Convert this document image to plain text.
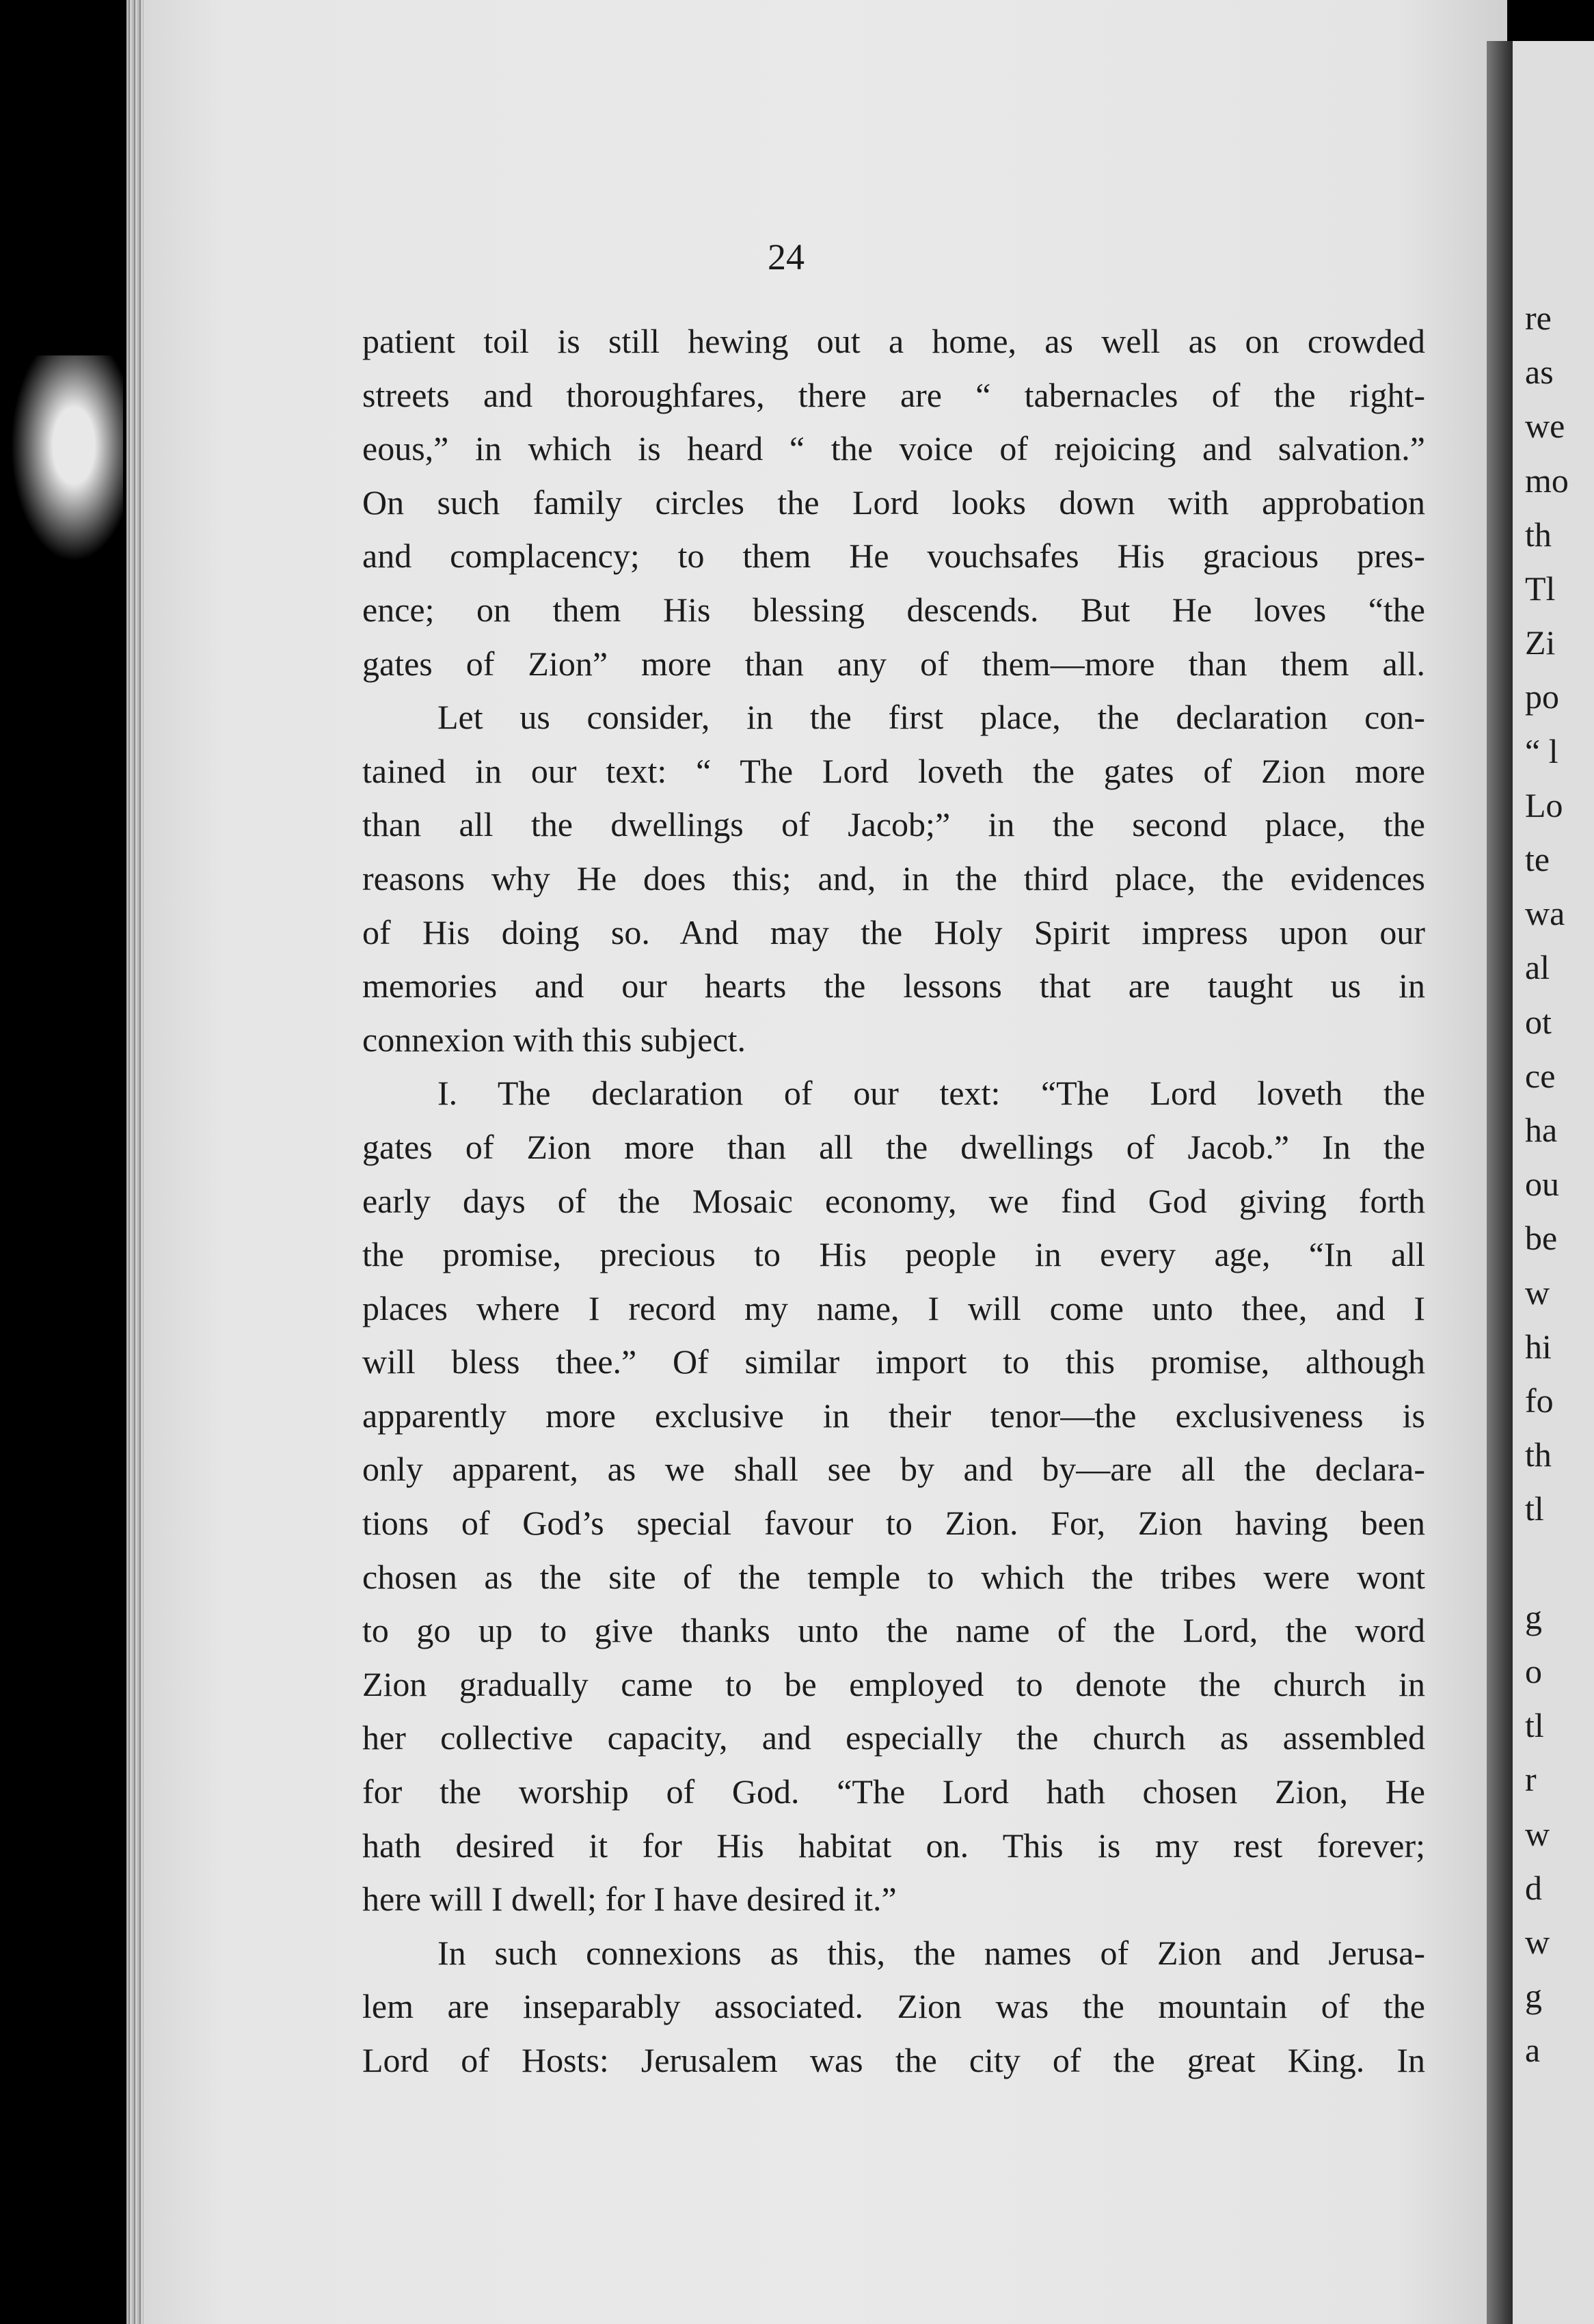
re
as
we
mo
th
Tl
Zi
po
“ l
Lo
te
wa
al
ot
ce
ha
ou
be
w
hi
fo
th
tl
g
o
tl
r
w
d
w
g
a
24
patient toil is still hewing out a home, as well as on crowded
streets and thoroughfares, there are “ tabernacles of the right-
eous,” in which is heard “ the voice of rejoicing and salvation.”
On such family circles the Lord looks down with approbation
and complacency; to them He vouchsafes His gracious pres-
ence; on them His blessing descends. But He loves “the
gates of Zion” more than any of them—more than them all.
Let us consider, in the first place, the declaration con-
tained in our text: “ The Lord loveth the gates of Zion more
than all the dwellings of Jacob;” in the second place, the
reasons why He does this; and, in the third place, the evidences
of His doing so. And may the Holy Spirit impress upon our
memories and our hearts the lessons that are taught us in
connexion with this subject.
I. The declaration of our text: “The Lord loveth the
gates of Zion more than all the dwellings of Jacob.” In the
early days of the Mosaic economy, we find God giving forth
the promise, precious to His people in every age, “In all
places where I record my name, I will come unto thee, and I
will bless thee.” Of similar import to this promise, although
apparently more exclusive in their tenor—the exclusiveness is
only apparent, as we shall see by and by—are all the declara-
tions of God’s special favour to Zion. For, Zion having been
chosen as the site of the temple to which the tribes were wont
to go up to give thanks unto the name of the Lord, the word
Zion gradually came to be employed to denote the church in
her collective capacity, and especially the church as assembled
for the worship of God. “The Lord hath chosen Zion, He
hath desired it for His habitat on. This is my rest forever;
here will I dwell; for I have desired it.”
In such connexions as this, the names of Zion and Jerusa-
lem are inseparably associated. Zion was the mountain of the
Lord of Hosts: Jerusalem was the city of the great King. In
